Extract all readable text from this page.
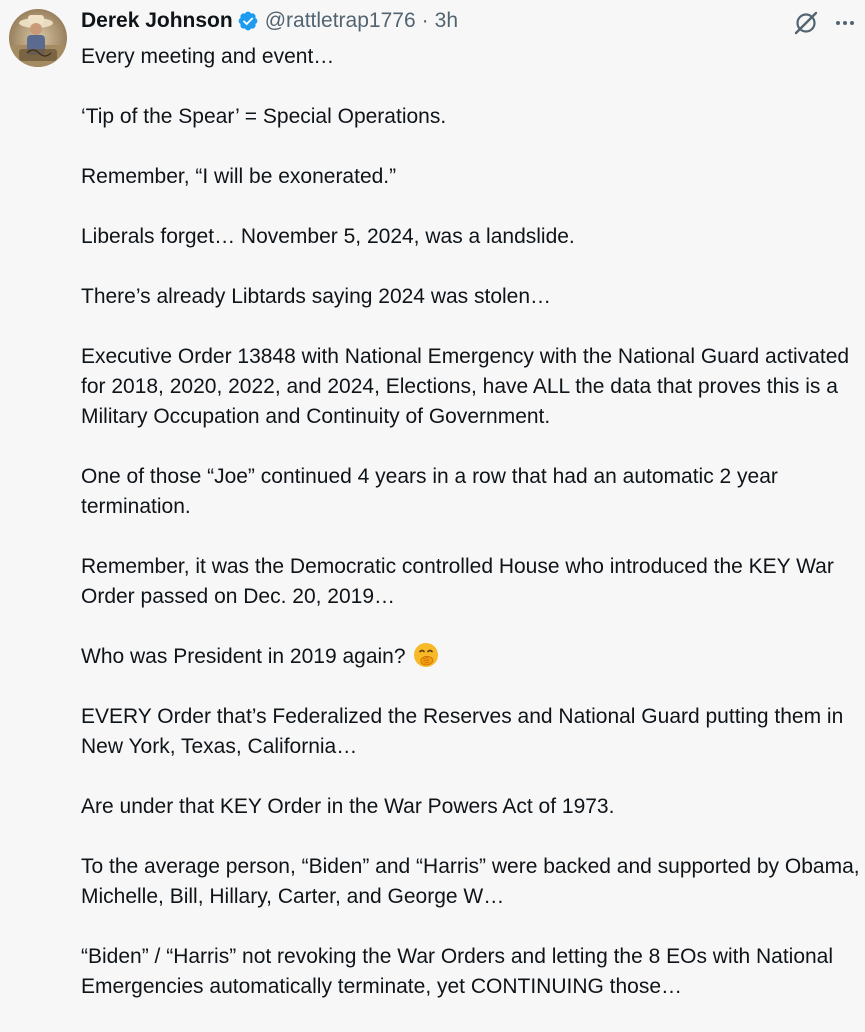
Derek Johnson @rattletrap1776 · 3h

Every meeting and event…

‘Tip of the Spear’ = Special Operations.

Remember, “I will be exonerated.”

Liberals forget… November 5, 2024, was a landslide.

There’s already Libtards saying 2024 was stolen…

Executive Order 13848 with National Emergency with the National Guard activated for 2018, 2020, 2022, and 2024, Elections, have ALL the data that proves this is a Military Occupation and Continuity of Government.

One of those “Joe” continued 4 years in a row that had an automatic 2 year termination.

Remember, it was the Democratic controlled House who introduced the KEY War Order passed on Dec. 20, 2019…

Who was President in 2019 again?

EVERY Order that’s Federalized the Reserves and National Guard putting them in New York, Texas, California…

Are under that KEY Order in the War Powers Act of 1973.

To the average person, “Biden” and “Harris” were backed and supported by Obama, Michelle, Bill, Hillary, Carter, and George W…

“Biden” / “Harris” not revoking the War Orders and letting the 8 EOs with National Emergencies automatically terminate, yet CONTINUING those…
